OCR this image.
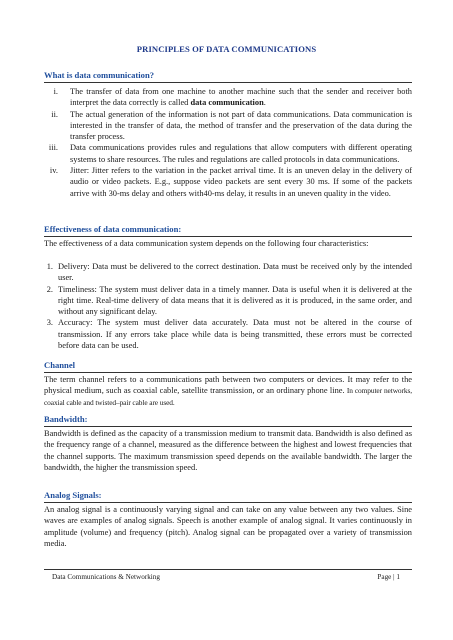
PRINCIPLES OF DATA COMMUNICATIONS
What is data communication?
i. The transfer of data from one machine to another machine such that the sender and receiver both interpret the data correctly is called data communication.
ii. The actual generation of the information is not part of data communications. Data communication is interested in the transfer of data, the method of transfer and the preservation of the data during the transfer process.
iii. Data communications provides rules and regulations that allow computers with different operating systems to share resources. The rules and regulations are called protocols in data communications.
iv. Jitter: Jitter refers to the variation in the packet arrival time. It is an uneven delay in the delivery of audio or video packets. E.g., suppose video packets are sent every 30 ms. If some of the packets arrive with 30-ms delay and others with40-ms delay, it results in an uneven quality in the video.
Effectiveness of data communication:

The effectiveness of a data communication system depends on the following four characteristics:

1. Delivery: Data must be delivered to the correct destination. Data must be received only by the intended user.
2. Timeliness: The system must deliver data in a timely manner. Data is useful when it is delivered at the right time. Real-time delivery of data means that it is delivered as it is produced, in the same order, and without any significant delay.
3. Accuracy: The system must deliver data accurately. Data must not be altered in the course of transmission. If any errors take place while data is being transmitted, these errors must be corrected before data can be used.
Channel

The term channel refers to a communications path between two computers or devices. It may refer to the physical medium, such as coaxial cable, satellite transmission, or an ordinary phone line. In computer networks, coaxial cable and twisted–pair cable are used.

Bandwidth:

Bandwidth is defined as the capacity of a transmission medium to transmit data. Bandwidth is also defined as the frequency range of a channel, measured as the difference between the highest and lowest frequencies that the channel supports. The maximum transmission speed depends on the available bandwidth. The larger the bandwidth, the higher the transmission speed.

Analog Signals:

An analog signal is a continuously varying signal and can take on any value between any two values. Sine waves are examples of analog signals. Speech is another example of analog signal. It varies continuously in amplitude (volume) and frequency (pitch). Analog signal can be propagated over a variety of transmission media.

Data Communications & Networking	Page | 1
